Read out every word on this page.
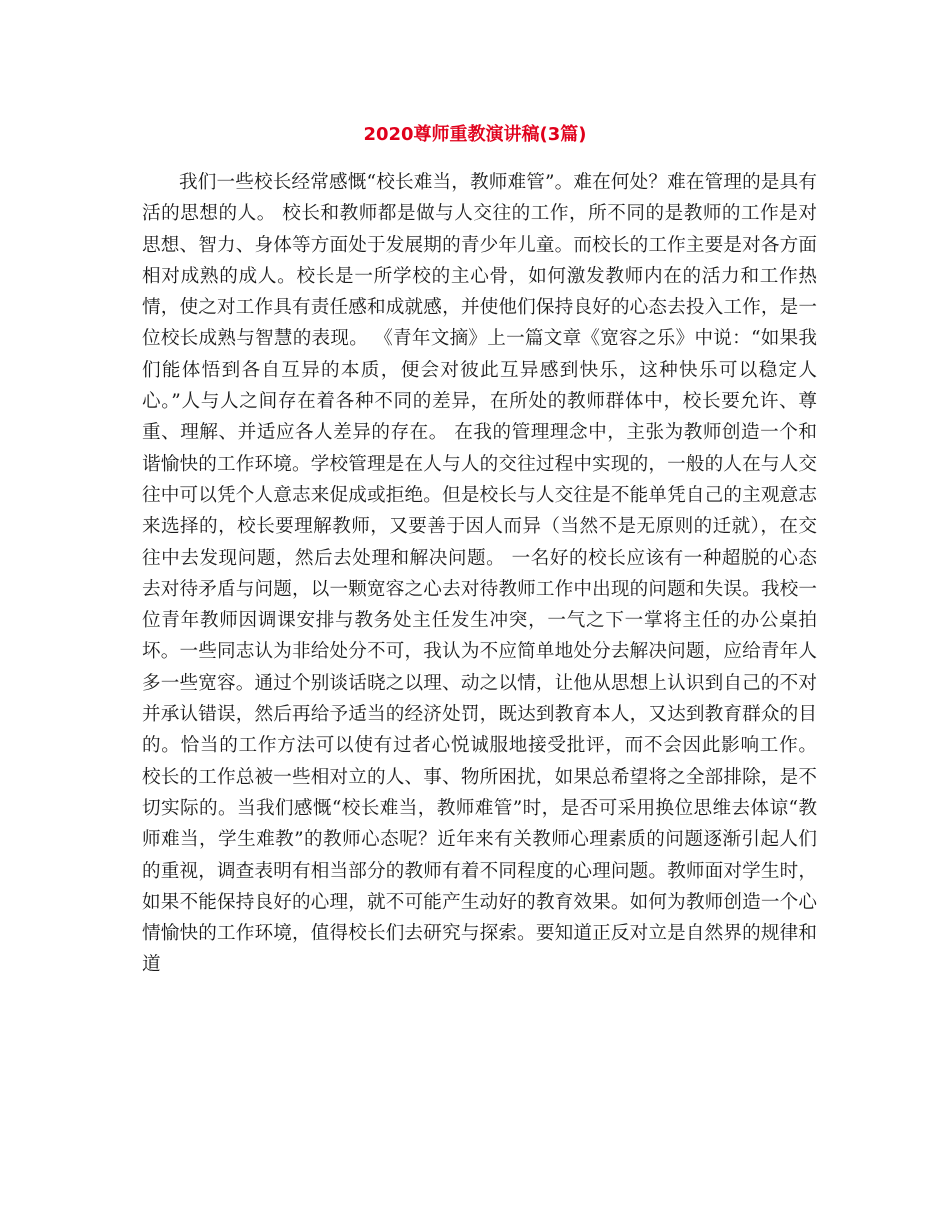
2020尊师重教演讲稿(3篇)

我们一些校长经常感慨“校长难当，教师难管”。难在何处？难在管理的是具有活的思想的人。 校长和教师都是做与人交往的工作，所不同的是教师的工作是对思想、智力、身体等方面处于发展期的青少年儿童。而校长的工作主要是对各方面相对成熟的成人。校长是一所学校的主心骨，如何激发教师内在的活力和工作热情，使之对工作具有责任感和成就感，并使他们保持良好的心态去投入工作，是一位校长成熟与智慧的表现。 《青年文摘》上一篇文章《宽容之乐》中说：“如果我们能体悟到各自互异的本质，便会对彼此互异感到快乐，这种快乐可以稳定人心。”人与人之间存在着各种不同的差异，在所处的教师群体中，校长要允许、尊重、理解、并适应各人差异的存在。 在我的管理理念中，主张为教师创造一个和谐愉快的工作环境。学校管理是在人与人的交往过程中实现的，一般的人在与人交往中可以凭个人意志来促成或拒绝。但是校长与人交往是不能单凭自己的主观意志来选择的，校长要理解教师，又要善于因人而异（当然不是无原则的迁就），在交往中去发现问题，然后去处理和解决问题。 一名好的校长应该有一种超脱的心态去对待矛盾与问题，以一颗宽容之心去对待教师工作中出现的问题和失误。我校一位青年教师因调课安排与教务处主任发生冲突，一气之下一掌将主任的办公桌拍坏。一些同志认为非给处分不可，我认为不应简单地处分去解决问题，应给青年人多一些宽容。通过个别谈话晓之以理、动之以情，让他从思想上认识到自己的不对并承认错误，然后再给予适当的经济处罚，既达到教育本人，又达到教育群众的目的。恰当的工作方法可以使有过者心悦诚服地接受批评，而不会因此影响工作。 校长的工作总被一些相对立的人、事、物所困扰，如果总希望将之全部排除，是不切实际的。当我们感慨“校长难当，教师难管”时，是否可采用换位思维去体谅“教师难当，学生难教”的教师心态呢？近年来有关教师心理素质的问题逐渐引起人们的重视，调查表明有相当部分的教师有着不同程度的心理问题。教师面对学生时，如果不能保持良好的心理，就不可能产生动好的教育效果。如何为教师创造一个心情愉快的工作环境，值得校长们去研究与探索。要知道正反对立是自然界的规律和道
